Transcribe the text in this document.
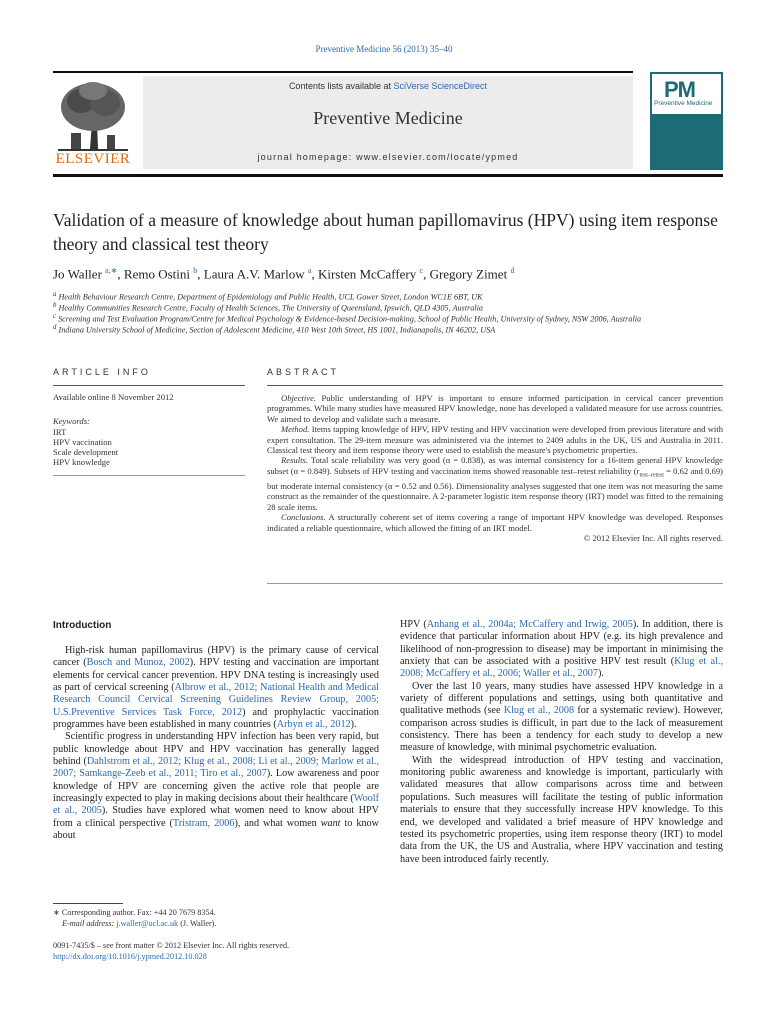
Preventive Medicine 56 (2013) 35–40
Contents lists available at SciVerse ScienceDirect
Preventive Medicine
journal homepage: www.elsevier.com/locate/ypmed
ELSEVIER
PM
Preventive Medicine
Validation of a measure of knowledge about human papillomavirus (HPV) using item response theory and classical test theory
Jo Waller $^{a,∗}$, Remo Ostini $^b$, Laura A.V. Marlow $^a$, Kirsten McCaffery $^c$, Gregory Zimet $^d$
$^a$ Health Behaviour Research Centre, Department of Epidemiology and Public Health, UCL Gower Street, London WC1E 6BT, UK
$^b$ Healthy Communities Research Centre, Faculty of Health Sciences, The University of Queensland, Ipswich, QLD 4305, Australia
$^c$ Screening and Test Evaluation Program/Centre for Medical Psychology & Evidence-based Decision-making, School of Public Health, University of Sydney, NSW 2006, Australia
$^d$ Indiana University School of Medicine, Section of Adolescent Medicine, 410 West 10th Street, HS 1001, Indianapolis, IN 46202, USA
ARTICLE INFO	ABSTRACT
Available online 8 November 2012
Keywords:
IRT
HPV vaccination
Scale development
HPV knowledge

Objective. Public understanding of HPV is important to ensure informed participation in cervical cancer prevention programmes. While many studies have measured HPV knowledge, none has developed a validated measure for use across countries. We aimed to develop and validate such a measure.

Method. Items tapping knowledge of HPV, HPV testing and HPV vaccination were developed from previous literature and with expert consultation. The 29-item measure was administered via the internet to 2409 adults in the UK, US and Australia in 2011. Classical test theory and item response theory were used to establish the measure's psychometric properties.

Results. Total scale reliability was very good (α = 0.838), as was internal consistency for a 16-item general HPV knowledge subset (α = 0.849). Subsets of HPV testing and vaccination items showed reasonable test–retest reliability ($r_{test-retest} = 0.62$ and 0.69) but moderate internal consistency (α = 0.52 and 0.56). Dimensionality analyses suggested that one item was not measuring the same construct as the remainder of the questionnaire. A 2-parameter logistic item response theory (IRT) model was fitted to the remaining 28 scale items.

Conclusions. A structurally coherent set of items covering a range of important HPV knowledge was developed. Responses indicated a reliable questionnaire, which allowed the fitting of an IRT model.

© 2012 Elsevier Inc. All rights reserved.
Introduction

High-risk human papillomavirus (HPV) is the primary cause of cervical cancer (Bosch and Munoz, 2002). HPV testing and vaccination are important elements for cervical cancer prevention. HPV DNA testing is increasingly used as part of cervical screening (Albrow et al., 2012; National Health and Medical Research Council Cervical Screening Guidelines Review Group, 2005; U.S.Preventive Services Task Force, 2012) and prophylactic vaccination programmes have been established in many countries (Arbyn et al., 2012).

Scientific progress in understanding HPV infection has been very rapid, but public knowledge about HPV and HPV vaccination has generally lagged behind (Dahlstrom et al., 2012; Klug et al., 2008; Li et al., 2009; Marlow et al., 2007; Samkange-Zeeb et al., 2011; Tiro et al., 2007). Low awareness and poor knowledge of HPV are concerning given the active role that people are increasingly expected to play in making decisions about their healthcare (Woolf et al., 2005). Studies have explored what women need to know about HPV from a clinical perspective (Tristram, 2006), and what women want to know about

HPV (Anhang et al., 2004a; McCaffery and Irwig, 2005). In addition, there is evidence that particular information about HPV (e.g. its high prevalence and likelihood of non-progression to disease) may be important in minimising the anxiety that can be associated with a positive HPV test result (Klug et al., 2008; McCaffery et al., 2006; Waller et al., 2007).

Over the last 10 years, many studies have assessed HPV knowledge in a variety of different populations and settings, using both quantitative and qualitative methods (see Klug et al., 2008 for a systematic review). However, comparison across studies is difficult, in part due to the lack of measurement consistency. There has been a tendency for each study to develop a new measure of knowledge, with minimal psychometric evaluation.

With the widespread introduction of HPV testing and vaccination, monitoring public awareness and knowledge is important, particularly with validated measures that allow comparisons across time and between populations. Such measures will facilitate the testing of public information materials to ensure that they successfully increase HPV knowledge. To this end, we developed and validated a brief measure of HPV knowledge and tested its psychometric properties, using item response theory (IRT) to model data from the UK, the US and Australia, where HPV vaccination and testing have been introduced fairly recently.

∗ Corresponding author. Fax: +44 20 7679 8354.
E-mail address: j.waller@ucl.ac.uk (J. Waller).
0091-7435/$ – see front matter © 2012 Elsevier Inc. All rights reserved.
http://dx.doi.org/10.1016/j.ypmed.2012.10.028
